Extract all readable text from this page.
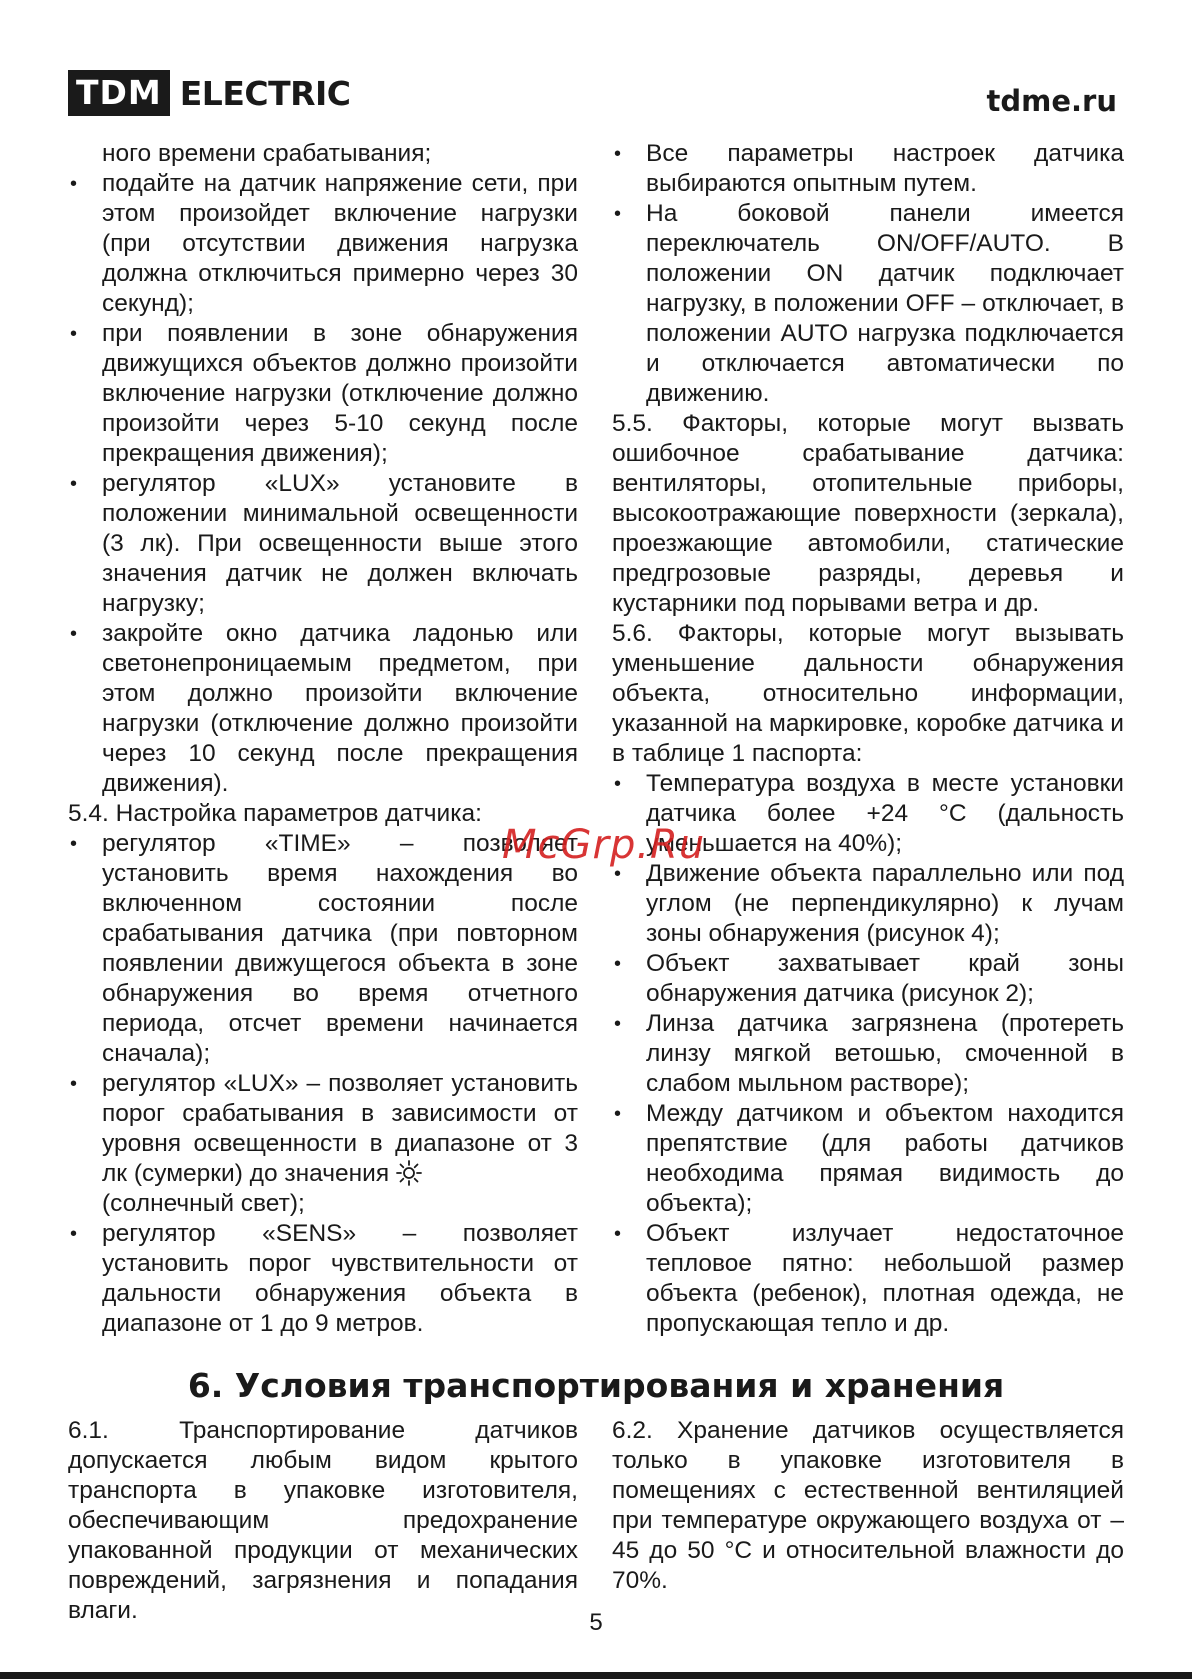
TDM ELECTRIC	tdme.ru

ного времени срабатывания;

• подайте на датчик напряжение сети, при этом произойдет включение нагрузки (при отсутствии движения нагрузка должна отключиться примерно через 30 секунд);

• при появлении в зоне обнаружения движущихся объектов должно произойти включение нагрузки (отключение должно произойти через 5-10 секунд после прекращения движения);

• регулятор «LUX» установите в положении минимальной освещенности (3 лк). При освещенности выше этого значения датчик не должен включать нагрузку;

• закройте окно датчика ладонью или светонепроницаемым предметом, при этом должно произойти включение нагрузки (отключение должно произойти через 10 секунд после прекращения движения).

5.4. Настройка параметров датчика:

• регулятор «TIME» – позволяет установить время нахождения во включенном состоянии после срабатывания датчика (при повторном появлении движущегося объекта в зоне обнаружения во время отчетного периода, отсчет времени начинается сначала);

• регулятор «LUX» – позволяет установить порог срабатывания в зависимости от уровня освещенности в диапазоне от 3 лк (сумерки) до значения
(солнечный свет);

• регулятор «SENS» – позволяет установить порог чувствительности от дальности обнаружения объекта в диапазоне от 1 до 9 метров.

• Все параметры настроек датчика выбираются опытным путем.

• На боковой панели имеется переключатель ON/OFF/AUTO. В положении ON датчик подключает нагрузку, в положении OFF – отключает, в положении AUTO нагрузка подключается и отключается автоматически по движению.

5.5. Факторы, которые могут вызвать ошибочное срабатывание датчика: вентиляторы, отопительные приборы, высокоотражающие поверхности (зеркала), проезжающие автомобили, статические предгрозовые разряды, деревья и кустарники под порывами ветра и др.

5.6. Факторы, которые могут вызывать уменьшение дальности обнаружения объекта, относительно информации, указанной на маркировке, коробке датчика и в таблице 1 паспорта:

• Температура воздуха в месте установки датчика более +24 °С (дальность уменьшается на 40%);

• Движение объекта параллельно или под углом (не перпендикулярно) к лучам зоны обнаружения (рисунок 4);

• Объект захватывает край зоны обнаружения датчика (рисунок 2);

• Линза датчика загрязнена (протереть линзу мягкой ветошью, смоченной в слабом мыльном растворе);

• Между датчиком и объектом находится препятствие (для работы датчиков необходима прямая видимость до объекта);

• Объект излучает недостаточное тепловое пятно: небольшой размер объекта (ребенок), плотная одежда, не пропускающая тепло и др.

McGrp.Ru
6. Условия транспортирования и хранения

6.1. Транспортирование датчиков допускается любым видом крытого транспорта в упаковке изготовителя, обеспечивающим предохранение упакованной продукции от механических повреждений, загрязнения и попадания влаги.

6.2. Хранение датчиков осуществляется только в упаковке изготовителя в помещениях с естественной вентиляцией при температуре окружающего воздуха от –45 до 50 °С и относительной влажности до 70%.

5
